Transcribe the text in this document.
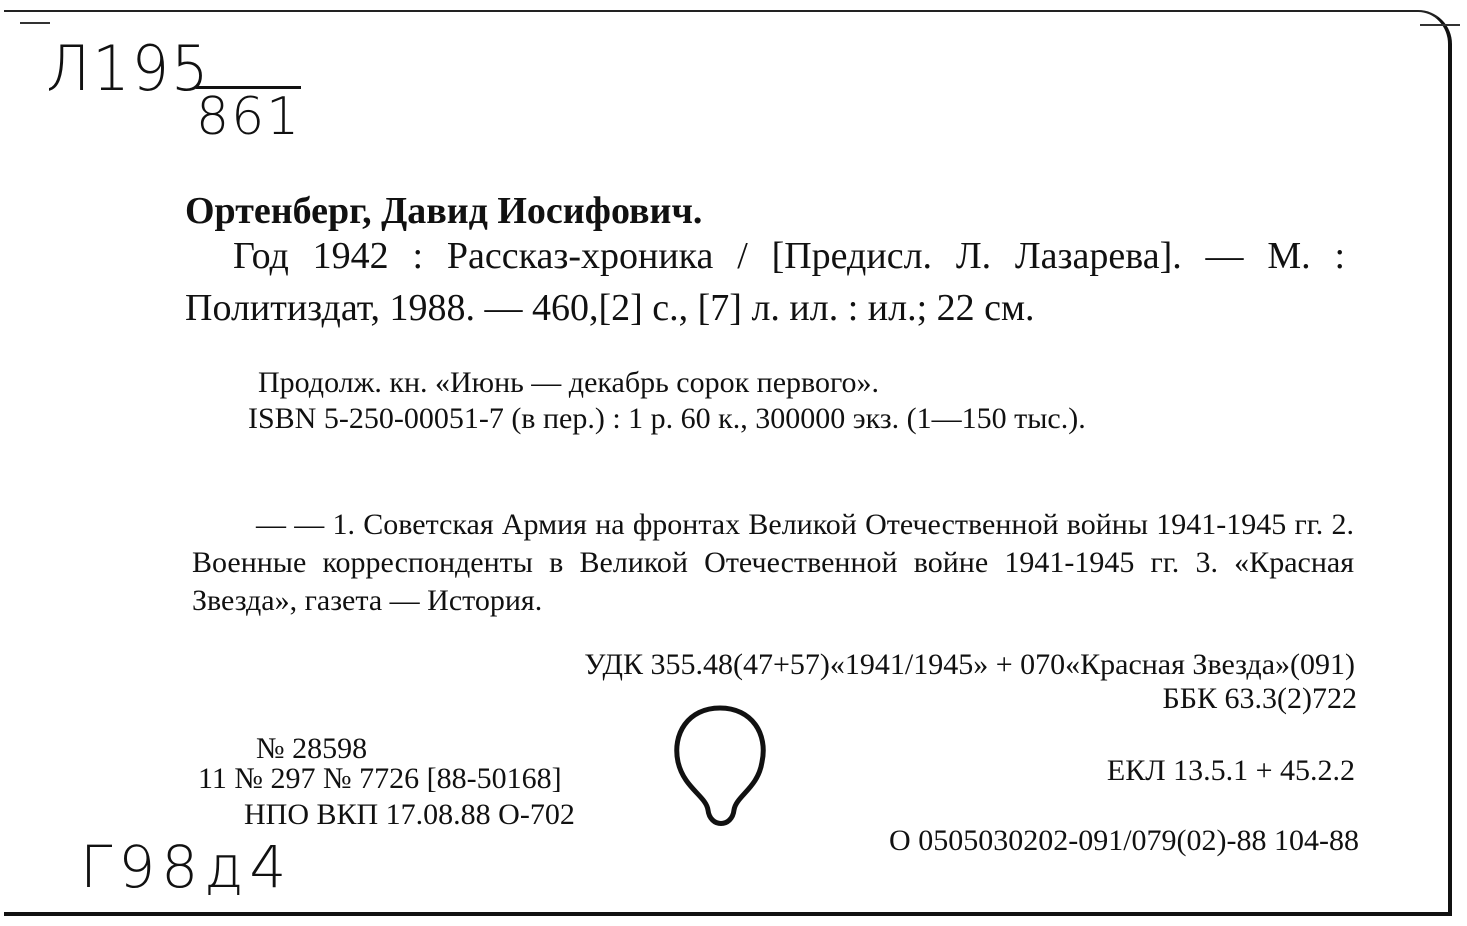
Л195
861
Ортенберг, Давид Иосифович.
Год 1942 : Рассказ-хроника / [Предисл. Л. Лазарева]. — М. : Политиздат, 1988. — 460,[2] с., [7] л. ил. : ил.; 22 см.
Продолж. кн. «Июнь — декабрь сорок первого».
ISBN 5-250-00051-7 (в пер.) : 1 р. 60 к., 300000 экз. (1—150 тыс.).
— — 1. Советская Армия на фронтах Великой Отечественной войны 1941-1945 гг. 2. Военные корреспонденты в Великой Отечественной войне 1941-1945 гг. 3. «Красная Звезда», газета — История.
УДК 355.48(47+57)«1941/1945» + 070«Красная Звезда»(091)
ББК 63.3(2)722
№ 28598
11 № 297 № 7726 [88-50168]
НПО ВКП 17.08.88 О-702
ЕКЛ 13.5.1 + 45.2.2
О 0505030202-091/079(02)-88 104-88
Г98д4
